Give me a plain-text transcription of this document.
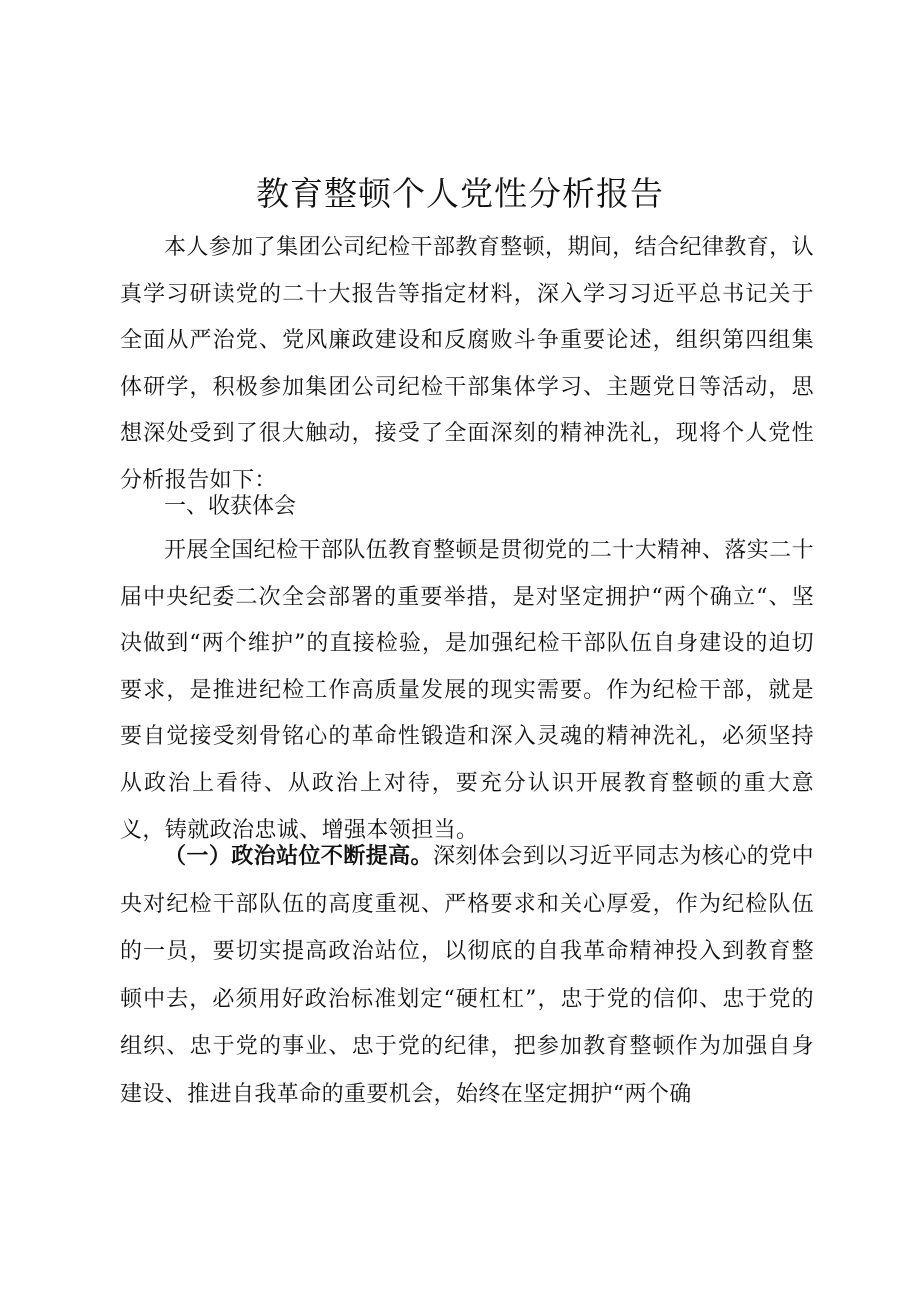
教育整顿个人党性分析报告

本人参加了集团公司纪检干部教育整顿，期间，结合纪律教育，认真学习研读党的二十大报告等指定材料，深入学习习近平总书记关于全面从严治党、党风廉政建设和反腐败斗争重要论述，组织第四组集体研学，积极参加集团公司纪检干部集体学习、主题党日等活动，思想深处受到了很大触动，接受了全面深刻的精神洗礼，现将个人党性分析报告如下：

一、收获体会

开展全国纪检干部队伍教育整顿是贯彻党的二十大精神、落实二十届中央纪委二次全会部署的重要举措，是对坚定拥护“两个确立“、坚决做到“两个维护”的直接检验，是加强纪检干部队伍自身建设的迫切要求，是推进纪检工作高质量发展的现实需要。作为纪检干部，就是要自觉接受刻骨铭心的革命性锻造和深入灵魂的精神洗礼，必须坚持从政治上看待、从政治上对待，要充分认识开展教育整顿的重大意义，铸就政治忠诚、增强本领担当。

（一）政治站位不断提高。深刻体会到以习近平同志为核心的党中央对纪检干部队伍的高度重视、严格要求和关心厚爱，作为纪检队伍的一员，要切实提高政治站位，以彻底的自我革命精神投入到教育整顿中去，必须用好政治标准划定“硬杠杠”，忠于党的信仰、忠于党的组织、忠于党的事业、忠于党的纪律，把参加教育整顿作为加强自身建设、推进自我革命的重要机会，始终在坚定拥护“两个确
